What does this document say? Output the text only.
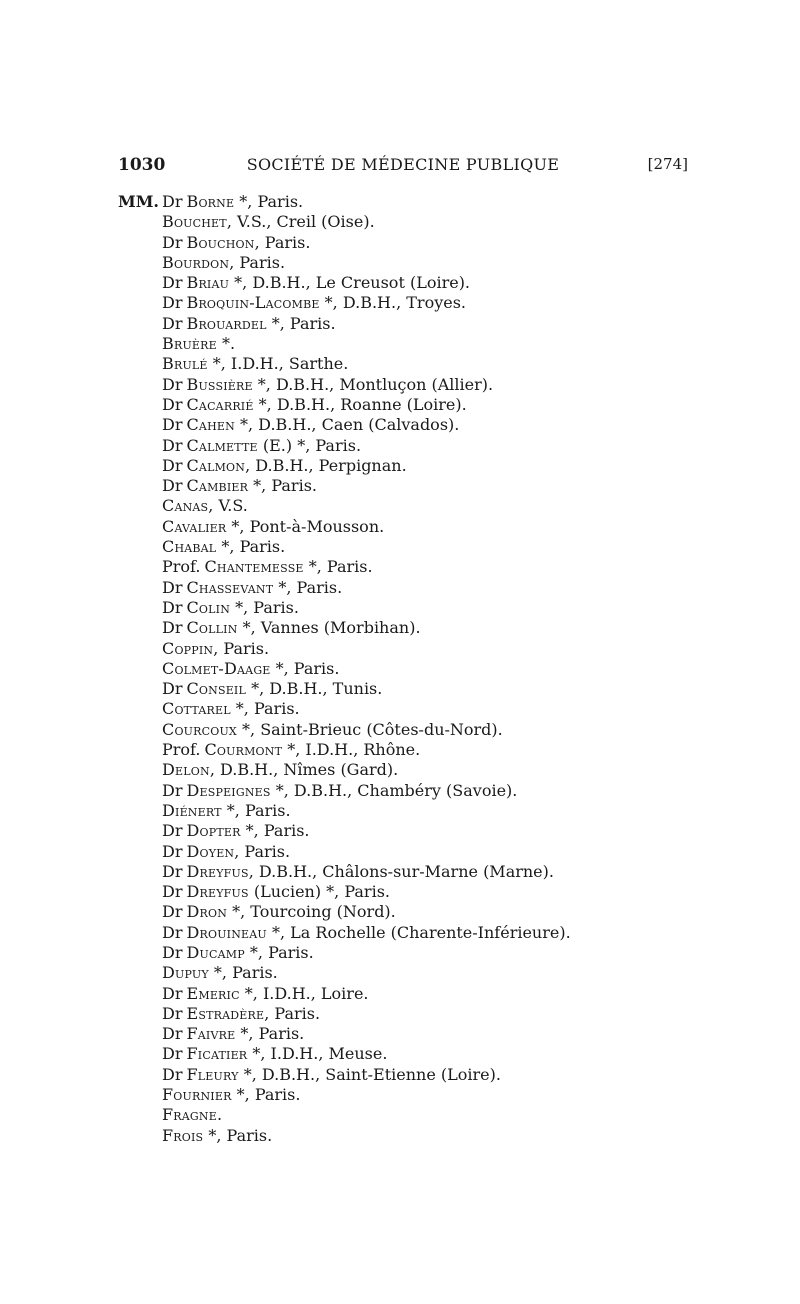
1030	SOCIÉTÉ DE MÉDECINE PUBLIQUE	[274]
MM. Dr Borne *, Paris.
Bouchet, V.S., Creil (Oise).
Dr Bouchon, Paris.
Bourdon, Paris.
Dr Briau *, D.B.H., Le Creusot (Loire).
Dr Broquin-Lacombe *, D.B.H., Troyes.
Dr Brouardel *, Paris.
Bruère *.
Brulé *, I.D.H., Sarthe.
Dr Bussière *, D.B.H., Montluçon (Allier).
Dr Cacarrié *, D.B.H., Roanne (Loire).
Dr Cahen *, D.B.H., Caen (Calvados).
Dr Calmette (E.) *, Paris.
Dr Calmon, D.B.H., Perpignan.
Dr Cambier *, Paris.
Canas, V.S.
Cavalier *, Pont-à-Mousson.
Chabal *, Paris.
Prof. Chantemesse *, Paris.
Dr Chassevant *, Paris.
Dr Colin *, Paris.
Dr Collin *, Vannes (Morbihan).
Coppin, Paris.
Colmet-Daage *, Paris.
Dr Conseil *, D.B.H., Tunis.
Cottarel *, Paris.
Courcoux *, Saint-Brieuc (Côtes-du-Nord).
Prof. Courmont *, I.D.H., Rhône.
Delon, D.B.H., Nîmes (Gard).
Dr Despeignes *, D.B.H., Chambéry (Savoie).
Diénert *, Paris.
Dr Dopter *, Paris.
Dr Doyen, Paris.
Dr Dreyfus, D.B.H., Châlons-sur-Marne (Marne).
Dr Dreyfus (Lucien) *, Paris.
Dr Dron *, Tourcoing (Nord).
Dr Drouineau *, La Rochelle (Charente-Inférieure).
Dr Ducamp *, Paris.
Dupuy *, Paris.
Dr Emeric *, I.D.H., Loire.
Dr Estradère, Paris.
Dr Faivre *, Paris.
Dr Ficatier *, I.D.H., Meuse.
Dr Fleury *, D.B.H., Saint-Etienne (Loire).
Fournier *, Paris.
Fragne.
Frois *, Paris.
